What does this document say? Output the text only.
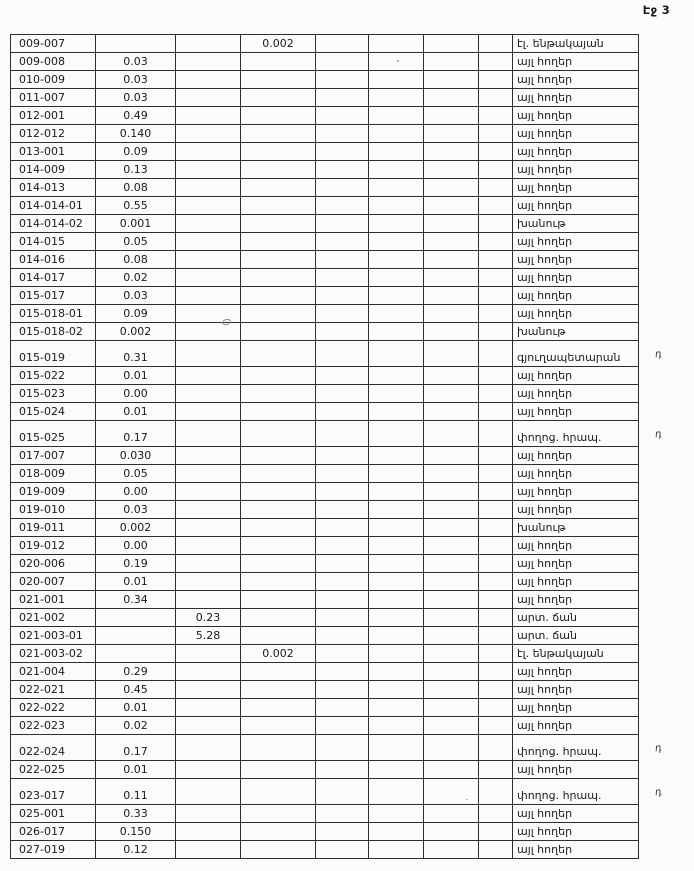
Էջ 3
009-007			0.002					էլ. ենթակայան
009-008	0.03							այլ հողեր
010-009	0.03							այլ հողեր
011-007	0.03							այլ հողեր
012-001	0.49							այլ հողեր
012-012	0.140							այլ հողեր
013-001	0.09							այլ հողեր
014-009	0.13							այլ հողեր
014-013	0.08							այլ հողեր
014-014-01	0.55							այլ հողեր
014-014-02	0.001							խանութ
014-015	0.05							այլ հողեր
014-016	0.08							այլ հողեր
014-017	0.02							այլ հողեր
015-017	0.03							այլ հողեր
015-018-01	0.09							այլ հողեր
015-018-02	0.002							խանութ
015-019	0.31							գյուղապետարան դ

015-022	0.01							այլ հողեր
015-023	0.00							այլ հողեր
015-024	0.01							այլ հողեր
015-025	0.17							փողոց. հրապ. դ

017-007	0.030							այլ հողեր
018-009	0.05							այլ հողեր
019-009	0.00							այլ հողեր
019-010	0.03							այլ հողեր
019-011	0.002							խանութ
019-012	0.00							այլ հողեր
020-006	0.19							այլ հողեր
020-007	0.01							այլ հողեր
021-001	0.34							այլ հողեր
021-002		0.23						արտ. ճան
021-003-01		5.28						արտ. ճան
021-003-02			0.002					էլ. ենթակայան
021-004	0.29							այլ հողեր
022-021	0.45							այլ հողեր
022-022	0.01							այլ հողեր
022-023	0.02							այլ հողեր
022-024	0.17							փողոց. հրապ. դ

022-025	0.01							այլ հողեր
023-017	0.11							փողոց. հրապ. դ

025-001	0.33							այլ հողեր
026-017	0.150							այլ հողեր
027-019	0.12							այլ հողեր
